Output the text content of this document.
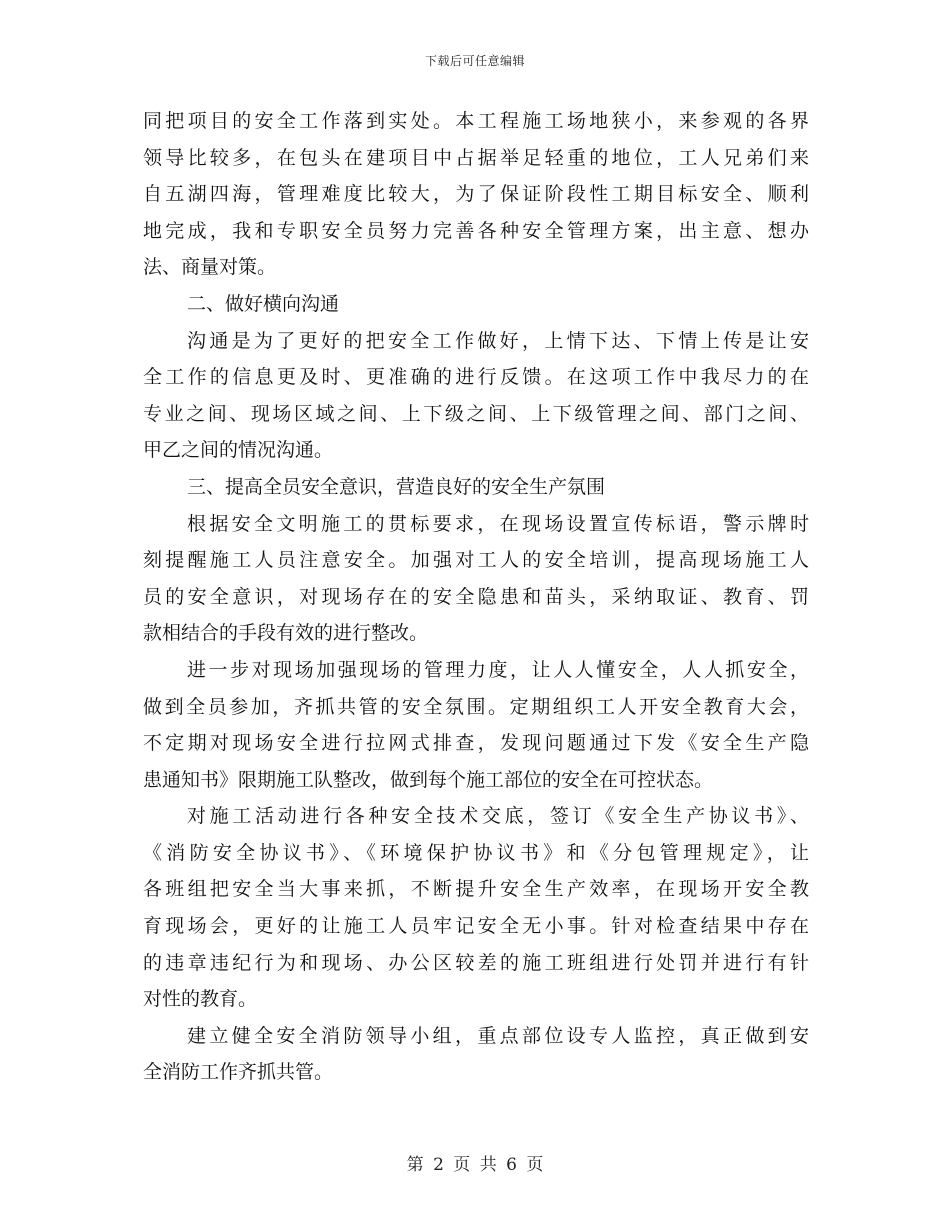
下载后可任意编辑
同把项目的安全工作落到实处。本工程施工场地狭小，来参观的各界
领导比较多，在包头在建项目中占据举足轻重的地位，工人兄弟们来
自五湖四海，管理难度比较大，为了保证阶段性工期目标安全、顺利
地完成，我和专职安全员努力完善各种安全管理方案，出主意、想办
法、商量对策。
二、做好横向沟通
沟通是为了更好的把安全工作做好，上情下达、下情上传是让安
全工作的信息更及时、更准确的进行反馈。在这项工作中我尽力的在
专业之间、现场区域之间、上下级之间、上下级管理之间、部门之间、
甲乙之间的情况沟通。
三、提高全员安全意识，营造良好的安全生产氛围
根据安全文明施工的贯标要求，在现场设置宣传标语，警示牌时
刻提醒施工人员注意安全。加强对工人的安全培训，提高现场施工人
员的安全意识，对现场存在的安全隐患和苗头，采纳取证、教育、罚
款相结合的手段有效的进行整改。
进一步对现场加强现场的管理力度，让人人懂安全，人人抓安全，
做到全员参加，齐抓共管的安全氛围。定期组织工人开安全教育大会，
不定期对现场安全进行拉网式排查，发现问题通过下发《安全生产隐
患通知书》限期施工队整改，做到每个施工部位的安全在可控状态。
对施工活动进行各种安全技术交底，签订《安全生产协议书》、
《消防安全协议书》、《环境保护协议书》和《分包管理规定》，让
各班组把安全当大事来抓，不断提升安全生产效率，在现场开安全教
育现场会，更好的让施工人员牢记安全无小事。针对检查结果中存在
的违章违纪行为和现场、办公区较差的施工班组进行处罚并进行有针
对性的教育。
建立健全安全消防领导小组，重点部位设专人监控，真正做到安
全消防工作齐抓共管。
第 2 页 共 6 页
